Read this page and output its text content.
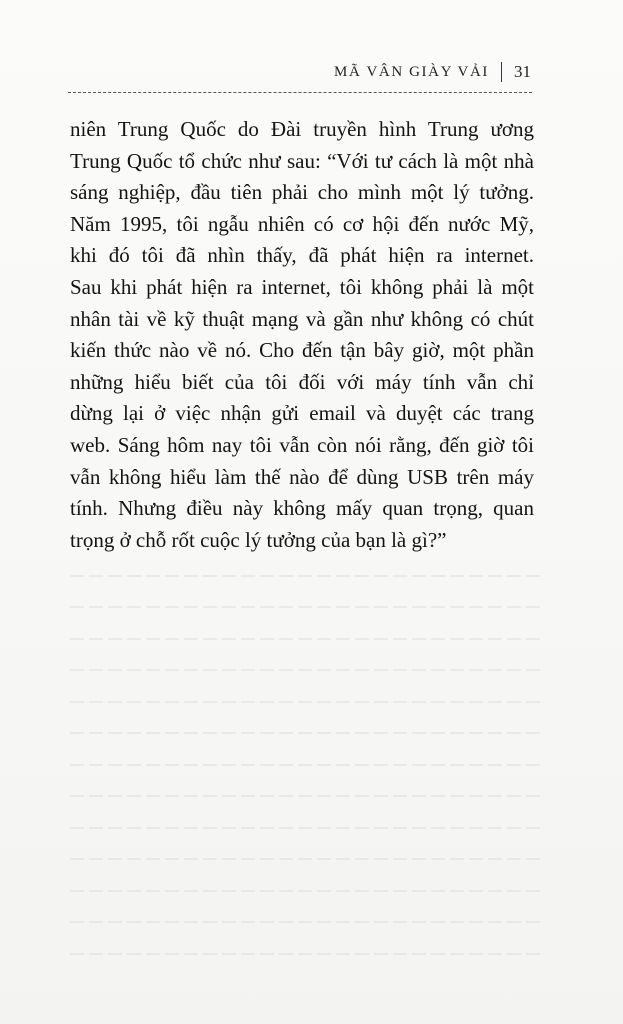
MÃ VÂN GIÀY VẢI 31
niên Trung Quốc do Đài truyền hình Trung ương
Trung Quốc tổ chức như sau: “Với tư cách là một nhà
sáng nghiệp, đầu tiên phải cho mình một lý tưởng.
Năm 1995, tôi ngẫu nhiên có cơ hội đến nước Mỹ,
khi đó tôi đã nhìn thấy, đã phát hiện ra internet.
Sau khi phát hiện ra internet, tôi không phải là một
nhân tài về kỹ thuật mạng và gần như không có chút
kiến thức nào về nó. Cho đến tận bây giờ, một phần
những hiểu biết của tôi đối với máy tính vẫn chỉ
dừng lại ở việc nhận gửi email và duyệt các trang
web. Sáng hôm nay tôi vẫn còn nói rằng, đến giờ tôi
vẫn không hiểu làm thế nào để dùng USB trên máy
tính. Nhưng điều này không mấy quan trọng, quan
trọng ở chỗ rốt cuộc lý tưởng của bạn là gì?”
